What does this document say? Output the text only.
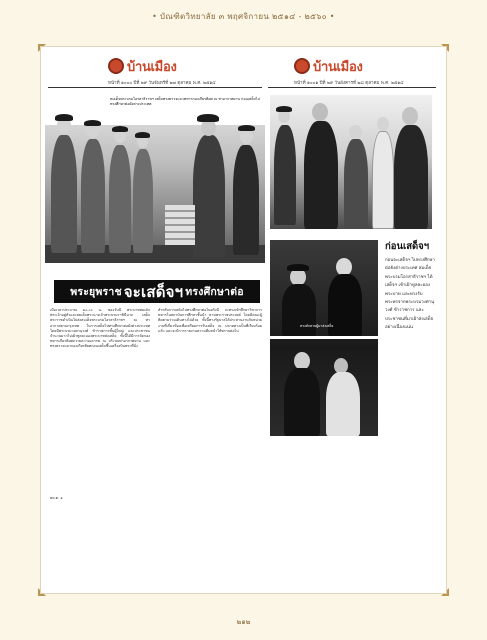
• บัณฑิตวิทยาลัย ๓ พฤศจิกายน ๒๕๑๔ - ๒๕๖๐ •
บ้านเมือง
หน้าที่ ๑๐๐๐ ปีที่ ๒๙ วันจันทร์ที่ ๒๗ ตุลาคม พ.ศ. ๒๕๑๔
บ้านเมือง
หน้าที่ ๑๐๐๑ ปีที่ ๒๙ วันอังคารที่ ๒๘ ตุลาคม พ.ศ. ๒๕๑๔
สมเด็จพระบรมโอรสาธิราชฯ เสด็จทรงตรวจแถวทหารกองเกียรติยศ ณ ท่าอากาศยาน ก่อนเสด็จไปทรงศึกษาต่อยังต่างประเทศ
พระยุพราช จะเสด็จฯ ทรงศึกษาต่อ
เมื่อเวลาประมาณ ๑๐.๐๐ น. ของวันนี้ พระบาทสมเด็จพระเจ้าอยู่หัวและสมเด็จพระนางเจ้าพระบรมราชินีนาถ เสด็จพระราชดำเนินไปส่งสมเด็จพระบรมโอรสาธิราชฯ ณ ท่าอากาศยานกรุงเทพ ในการเสด็จไปทรงศึกษาต่อยังต่างประเทศ โดยมีพระบรมวงศานุวงศ์ ข้าราชการชั้นผู้ใหญ่ และประชาชนจำนวนมากไปเฝ้าทูลละอองพระบาทส่งเสด็จ ทั้งนี้ได้มีการจัดกองทหารเกียรติยศถวายความเคารพ ณ บริเวณท่าอากาศยาน และทรงตรวจแถวกองเกียรติยศก่อนเสด็จขึ้นเครื่องบินพระที่นั่ง
สำหรับการเสด็จไปทรงศึกษาต่อในครั้งนี้ จะทรงเข้าศึกษาวิชาการทหารในสถาบันการศึกษาชั้นนำ ตามพระราชประสงค์ โดยมีคณะผู้ติดตามร่วมเดินทางไปด้วย ทั้งนี้ทางรัฐบาลได้ประสานงานกับหน่วยงานที่เกี่ยวข้องเพื่อเตรียมการรับเสด็จ ณ ปลายทางเป็นที่เรียบร้อยแล้ว และจะมีการรายงานความคืบหน้าให้ทราบต่อไป
พล.ต. ๑
ทรงทักทายผู้มาส่งเสด็จ
ก่อนเสด็จฯ
ก่อนจะเสด็จฯ ไปทรงศึกษาต่อยังต่างประเทศ สมเด็จพระบรมโอรสาธิราชฯ ได้เสด็จฯ เข้าเฝ้าทูลละอองพระบาท และทรงรับพระพรจากพระบรมวงศานุวงศ์ ข้าราชการ และประชาชนที่มาเฝ้าส่งเสด็จอย่างเนืองแน่น
๒๑๒
